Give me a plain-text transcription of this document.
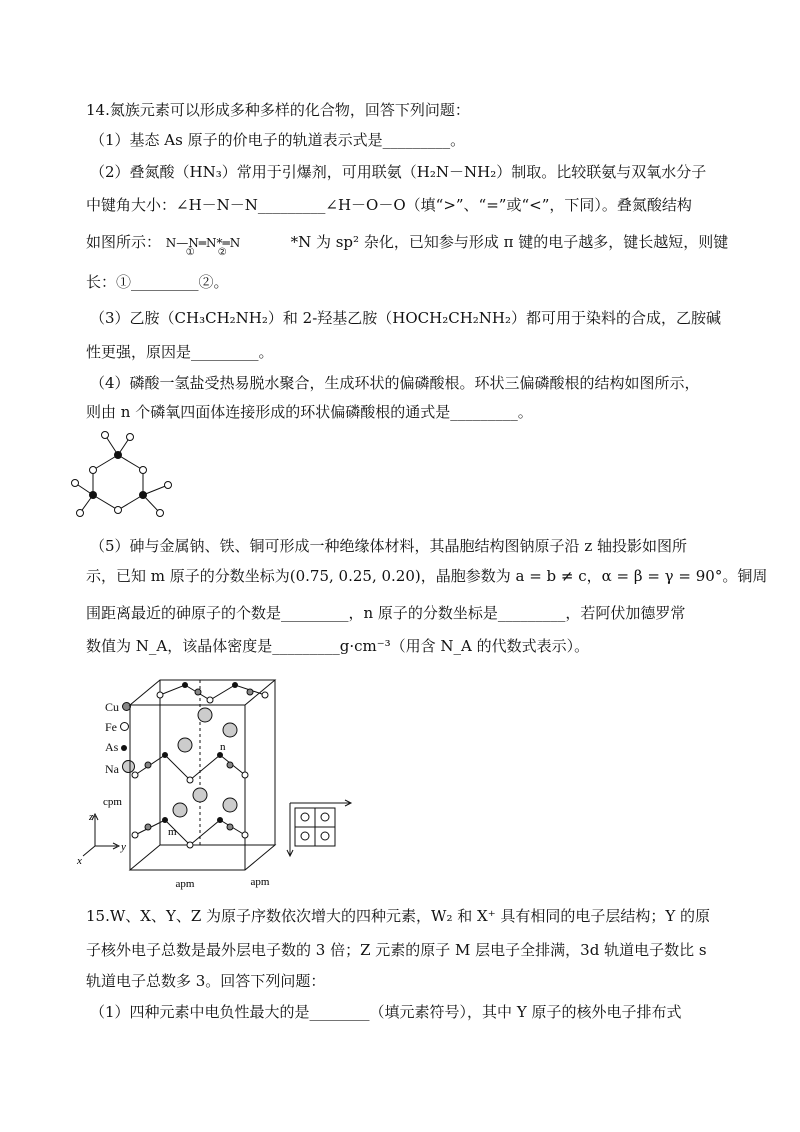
14.氮族元素可以形成多种多样的化合物，回答下列问题：
（1）基态 As 原子的价电子的轨道表示式是_________。
（2）叠氮酸（HN₃）常用于引爆剂，可用联氨（H₂N－NH₂）制取。比较联氨与双氧水分子
中键角大小：∠H－N－N_________∠H－O－O（填“>”、“=”或“<”，下同）。叠氮酸结构
如图所示： N—N═N*═N
① ②
*N 为 sp² 杂化，已知参与形成 π 键的电子越多，键长越短，则键
长：①_________②。
（3）乙胺（CH₃CH₂NH₂）和 2-羟基乙胺（HOCH₂CH₂NH₂）都可用于染料的合成，乙胺碱
性更强，原因是_________。
（4）磷酸一氢盐受热易脱水聚合，生成环状的偏磷酸根。环状三偏磷酸根的结构如图所示，
则由 n 个磷氧四面体连接形成的环状偏磷酸根的通式是_________。
（5）砷与金属钠、铁、铜可形成一种绝缘体材料，其晶胞结构图钠原子沿 z 轴投影如图所
示，已知 m 原子的分数坐标为(0.75, 0.25, 0.20)，晶胞参数为 a = b ≠ c，α = β = γ = 90°。铜周
围距离最近的砷原子的个数是_________，n 原子的分数坐标是_________，若阿伏加德罗常
数值为 N_A，该晶体密度是_________g·cm⁻³（用含 N_A 的代数式表示）。
Cu
Fe
As
Na
n
m
cpm
apm	apm
z
y
x
15.W、X、Y、Z 为原子序数依次增大的四种元素，W₂ 和 X⁺ 具有相同的电子层结构；Y 的原
子核外电子总数是最外层电子数的 3 倍；Z 元素的原子 M 层电子全排满，3d 轨道电子数比 s
轨道电子总数多 3。回答下列问题：
（1）四种元素中电负性最大的是________（填元素符号），其中 Y 原子的核外电子排布式
